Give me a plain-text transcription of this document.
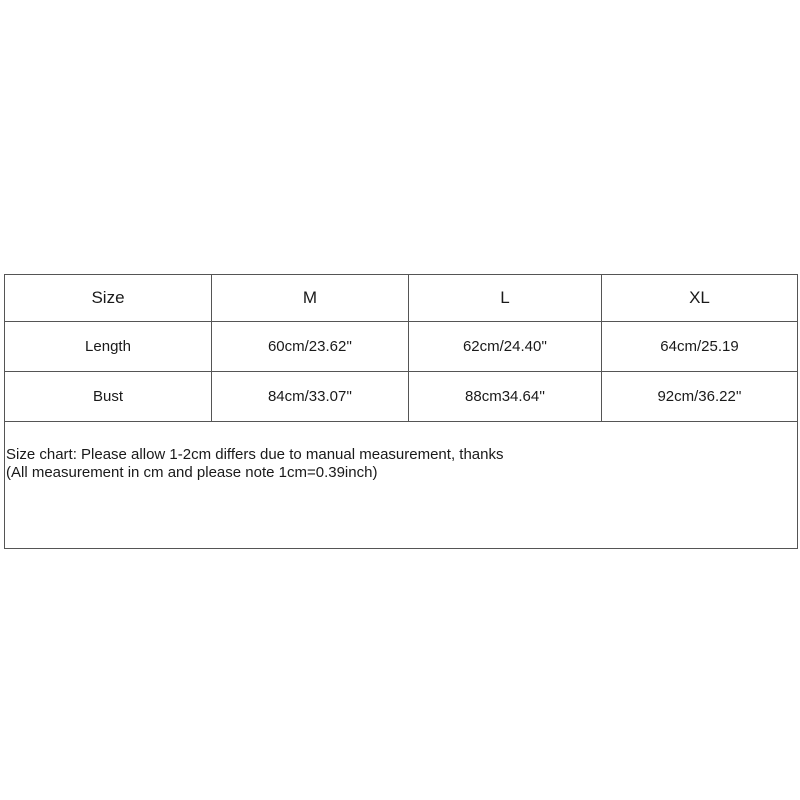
Size	M	L	XL
Length	60cm/23.62''	62cm/24.40''	64cm/25.19
Bust	84cm/33.07''	88cm34.64''	92cm/36.22''

Size chart: Please allow 1-2cm differs due to manual measurement, thanks
(All measurement in cm and please note 1cm=0.39inch)			
